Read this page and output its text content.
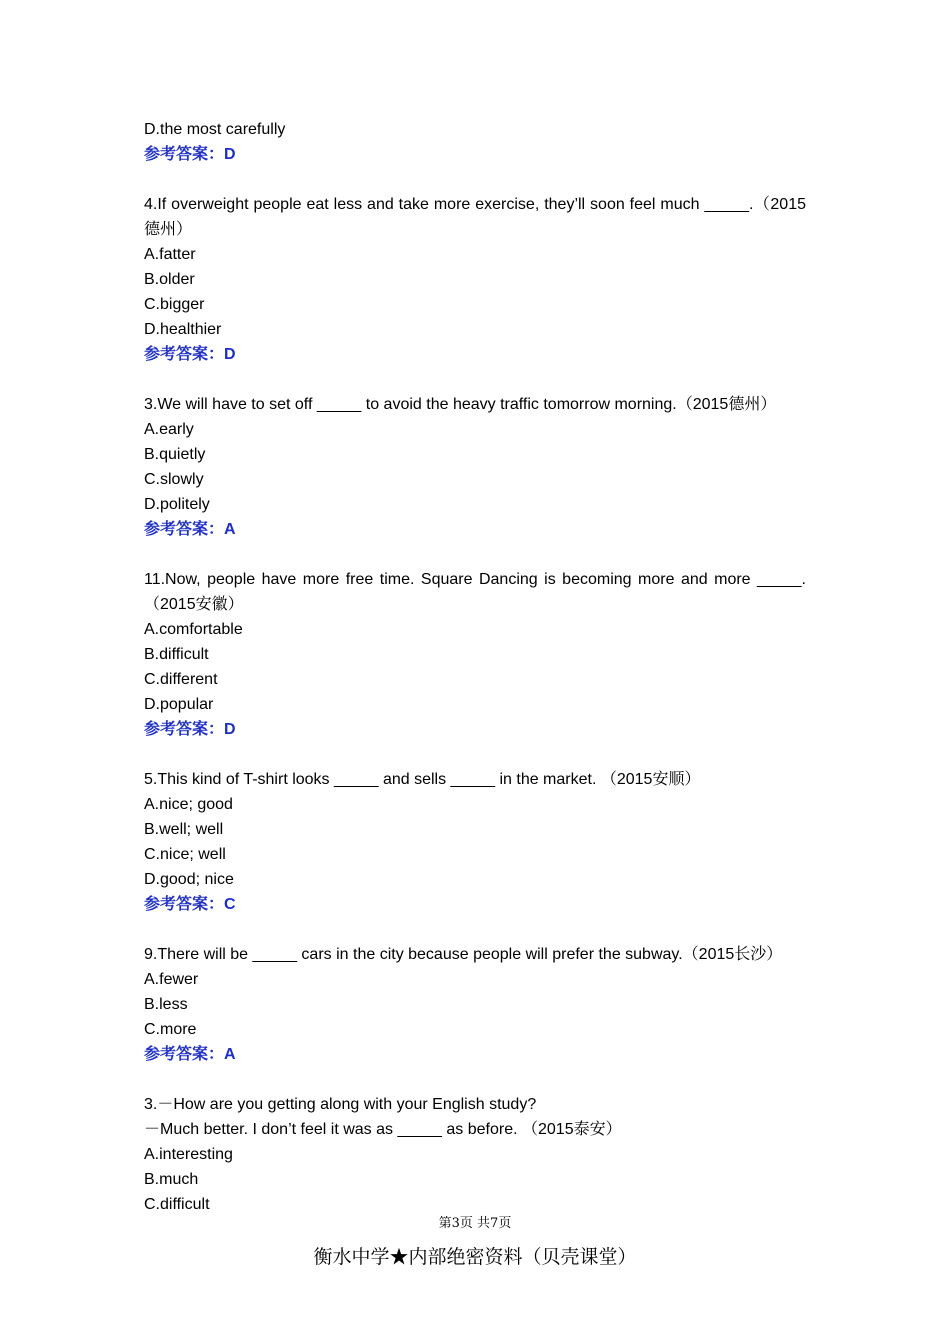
D.the most carefully
参考答案：D
4.If overweight people eat less and take more exercise, they’ll soon feel much _____.（2015德州）
A.fatter
B.older
C.bigger
D.healthier
参考答案：D
3.We will have to set off _____ to avoid the heavy traffic tomorrow morning.（2015德州）
A.early
B.quietly
C.slowly
D.politely
参考答案：A
11.Now, people have more free time. Square Dancing is becoming more and more _____.（2015安徽）
A.comfortable
B.difficult
C.different
D.popular
参考答案：D
5.This kind of T-shirt looks _____ and sells _____ in the market. （2015安顺）
A.nice; good
B.well; well
C.nice; well
D.good; nice
参考答案：C
9.There will be _____ cars in the city because people will prefer the subway.（2015长沙）
A.fewer
B.less
C.more
参考答案：A
3.－How are you getting along with your English study?
－Much better. I don’t feel it was as _____ as before. （2015泰安）
A.interesting
B.much
C.difficult
第3页 共7页
衡水中学★内部绝密资料（贝壳课堂）
